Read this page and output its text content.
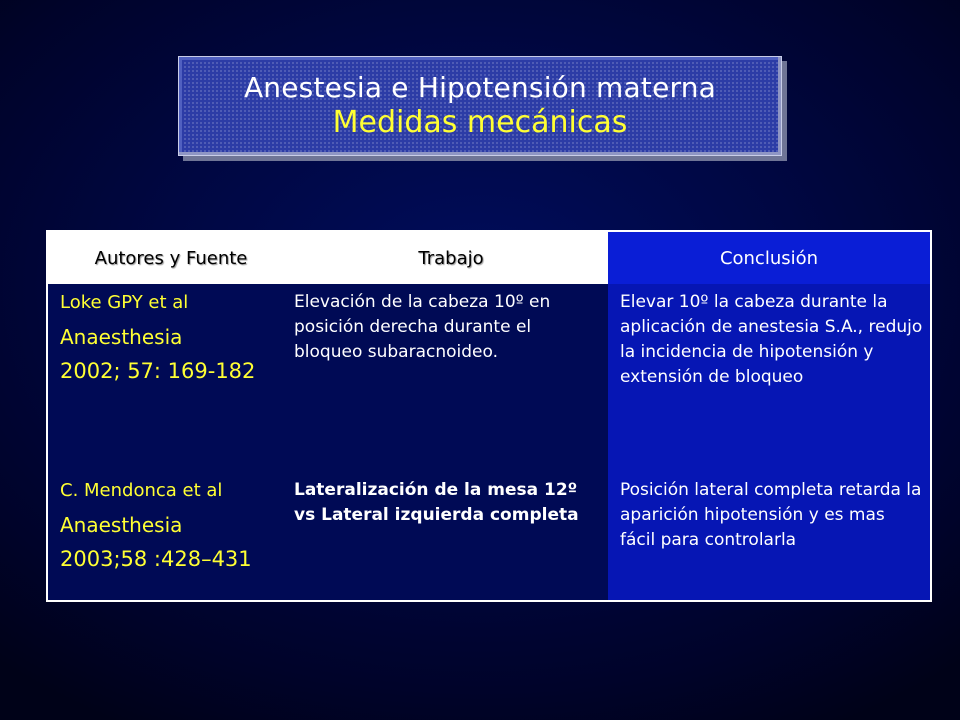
Anestesia e Hipotensión materna
Medidas mecánicas
Autores y Fuente	Trabajo	Conclusión
Loke GPY et al
Anaesthesia
2002; 57: 169-182
Elevación de la cabeza 10º en posición derecha durante el bloqueo subaracnoideo.
Elevar 10º la cabeza durante la aplicación de anestesia S.A., redujo la incidencia de hipotensión y extensión de bloqueo
C. Mendonca et al
Anaesthesia
2003;58 :428–431
Lateralización de la mesa 12º vs Lateral izquierda completa
Posición lateral completa retarda la aparición hipotensión y es mas fácil para controlarla
